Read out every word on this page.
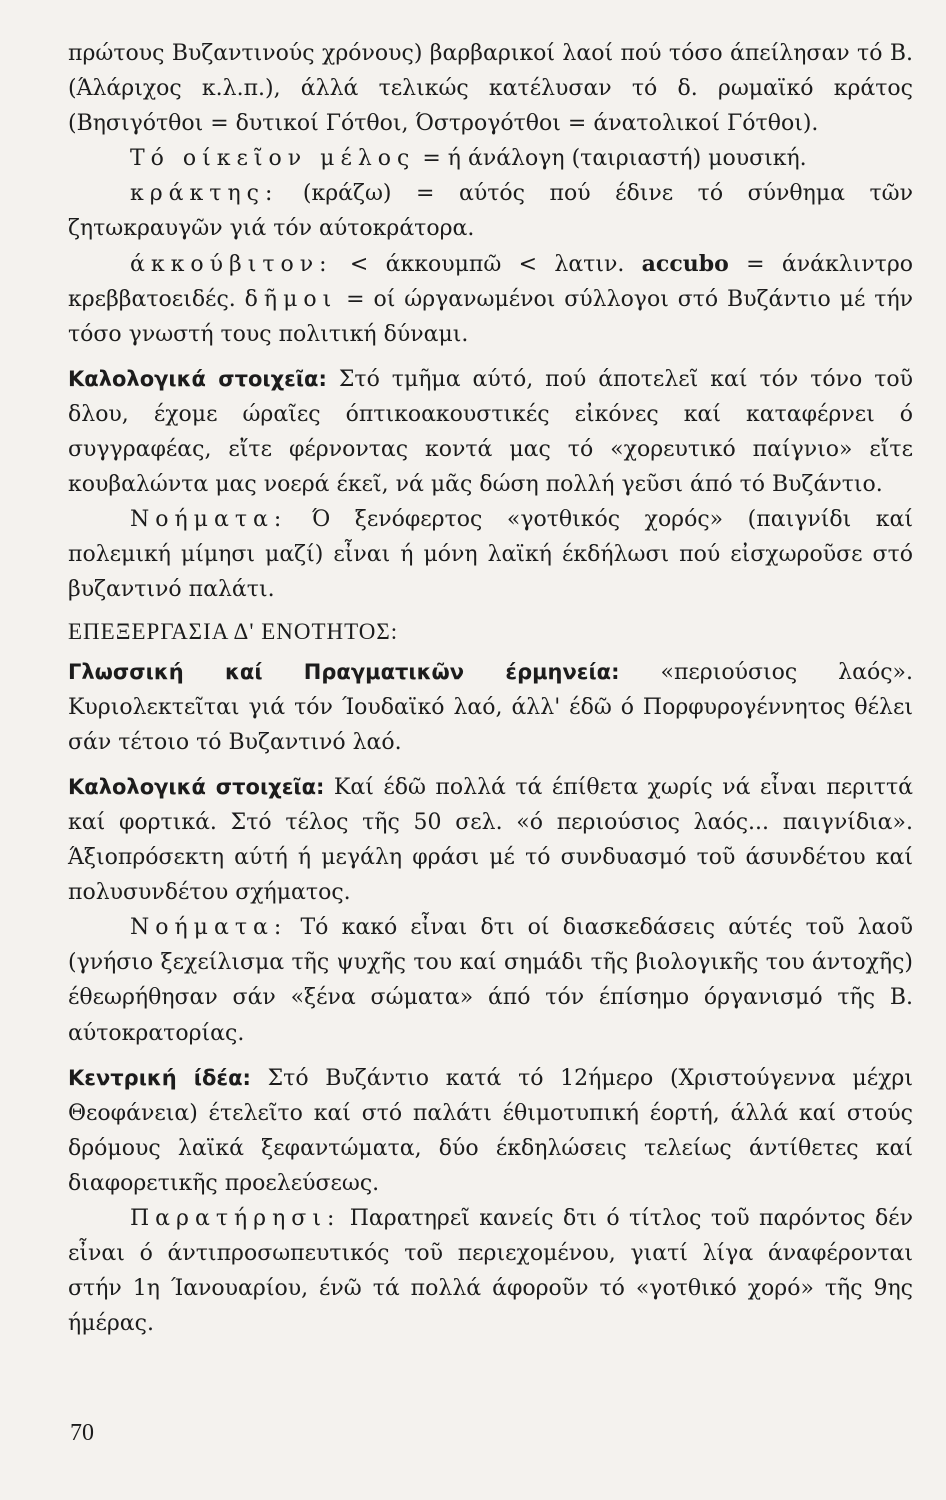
πρώτους Βυζαντινούς χρόνους) βαρβαρικοί λαοί πού τόσο άπείλησαν τό Β. (Άλάριχος κ.λ.π.), άλλά τελικώς κατέλυσαν τό δ. ρωμαϊκό κράτος (Βησιγότθοι = δυτικοί Γότθοι, Όστρογότθοι = άνατολικοί Γότθοι).

Τό οίκεῖον μέλος = ή άνάλογη (ταιριαστή) μουσική.

κράκτης: (κράζω) = αύτός πού έδινε τό σύνθημα τῶν ζητωκραυγῶν γιά τόν αύτοκράτορα.

άκκούβιτον: < άκκουμπῶ < λατιν. accubo = άνάκλιντρο κρεββατοειδές. δῆμοι = οί ώργανωμένοι σύλλογοι στό Βυζάντιο μέ τήν τόσο γνωστή τους πολιτική δύναμι.

Καλολογικά στοιχεῖα: Στό τμῆμα αύτό, πού άποτελεῖ καί τόν τόνο τοῦ δλου, έχομε ώραῖες όπτικοακουστικές εἰκόνες καί καταφέρνει ό συγγραφέας, εἴτε φέρνοντας κοντά μας τό «χορευτικό παίγνιο» εἴτε κουβαλώντα μας νοερά έκεῖ, νά μᾶς δώση πολλή γεῦσι άπό τό Βυζάντιο.

Νοήματα: Ό ξενόφερτος «γοτθικός χορός» (παιγνίδι καί πολεμική μίμησι μαζί) εἶναι ή μόνη λαϊκή έκδήλωσι πού εἰσχωροῦσε στό βυζαντινό παλάτι.

ΕΠΕΞΕΡΓΑΣΙΑ Δ' ΕΝΟΤΗΤΟΣ:

Γλωσσική καί Πραγματικῶν έρμηνεία: «περιούσιος λαός». Κυριολεκτεῖται γιά τόν Ίουδαϊκό λαό, άλλ' έδῶ ό Πορφυρογέννητος θέλει σάν τέτοιο τό Βυζαντινό λαό.

Καλολογικά στοιχεῖα: Καί έδῶ πολλά τά έπίθετα χωρίς νά εἶναι περιττά καί φορτικά. Στό τέλος τῆς 50 σελ. «ό περιούσιος λαός... παιγνίδια». Άξιοπρόσεκτη αύτή ή μεγάλη φράσι μέ τό συνδυασμό τοῦ άσυνδέτου καί πολυσυνδέτου σχήματος.

Νοήματα: Τό κακό εἶναι δτι οί διασκεδάσεις αύτές τοῦ λαοῦ (γνήσιο ξεχείλισμα τῆς ψυχῆς του καί σημάδι τῆς βιολογικῆς του άντοχῆς) έθεωρήθησαν σάν «ξένα σώματα» άπό τόν έπίσημο όργανισμό τῆς Β. αύτοκρατορίας.

Κεντρική ίδέα: Στό Βυζάντιο κατά τό 12ήμερο (Χριστούγεννα μέχρι Θεοφάνεια) έτελεῖτο καί στό παλάτι έθιμοτυπική έορτή, άλλά καί στούς δρόμους λαϊκά ξεφαντώματα, δύο έκδηλώσεις τελείως άντίθετες καί διαφορετικῆς προελεύσεως.

Παρατήρησι: Παρατηρεῖ κανείς δτι ό τίτλος τοῦ παρόντος δέν εἶναι ό άντιπροσωπευτικός τοῦ περιεχομένου, γιατί λίγα άναφέρονται στήν 1η Ίανουαρίου, ένῶ τά πολλά άφοροῦν τό «γοτθικό χορό» τῆς 9ης ήμέρας.

70
